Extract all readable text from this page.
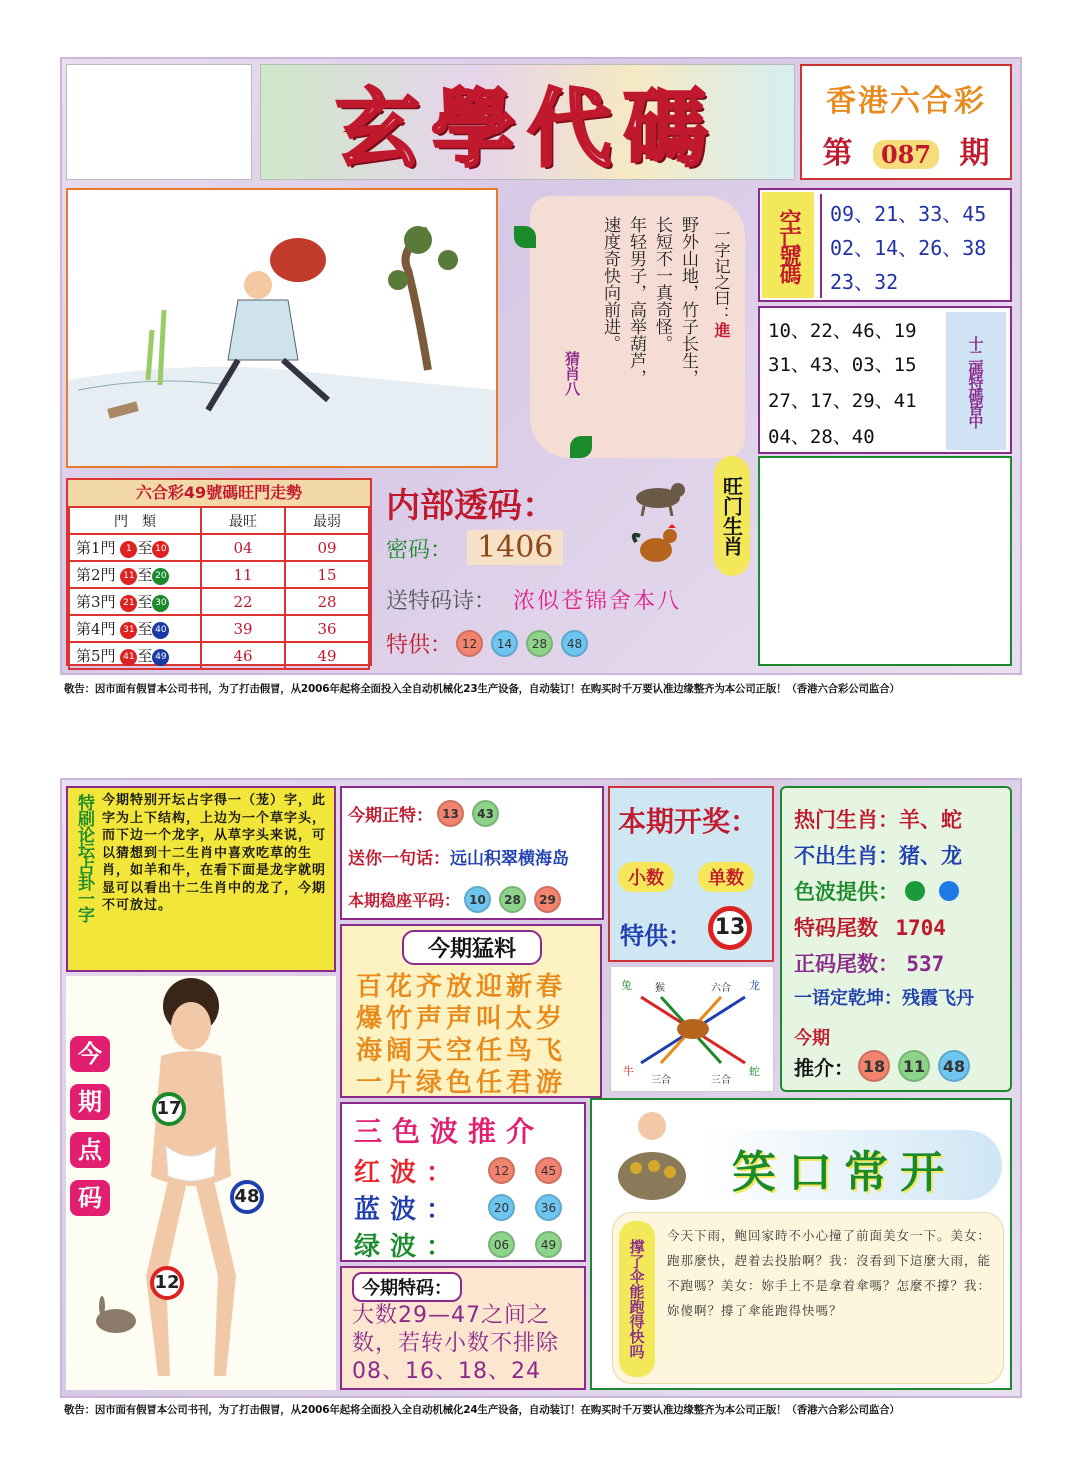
玄學代碼	香港六合彩
第 087 期
一字记之曰：進
野外山地，竹子长生，
长短不一真奇怪。
年轻男子，高举葫芦，
速度奇快向前进。
猜肖八
空亡號碼	09、21、33、45
02、14、26、38
23、32
10、22、46、19
31、43、03、15
27、17、29、41
04、28、40
十二碼特碼皆中
六合彩49號碼旺門走勢
門　類	最旺	最弱
第1門 1 至 10	04	09
第2門 11 至 20	11	15
第3門 21 至 30	22	28
第4門 31 至 40	39	36
第5門 41 至 49	46	49
内部透码：
密码： 1406
送特码诗： 浓似苍锦舍本八
特供： 12	14	28	48
旺门生肖
敬告：因市面有假冒本公司书刊，为了打击假冒，从2006年起将全面投入全自动机械化23生产设备，自动装订！在购买时千万要认准边缘整齐为本公司正版！（香港六合彩公司监合）
特刷论坛占卦一字 今期特别开坛占字得一（茏）字，此字为上下结构，上边为一个草字头，而下边一个龙字，从草字头来说，可以猜想到十二生肖中喜欢吃草的生肖，如羊和牛，在看下面是龙字就明显可以看出十二生肖中的龙了，今期不可放过。
今
期
点
码
17
48
12
今期正特： 13	43
送你一句话：远山积翠横海岛
本期稳座平码： 10	28	29
本期开奖：
小数	单数
特供：	13
热门生肖：羊、蛇
不出生肖：猪、龙
色波提供：
特码尾数 1704
正码尾数： 537
一语定乾坤：残霞飞丹
今期
推介： 18	11	48
今期猛料
百花齐放迎新春
爆竹声声叫太岁
海阔天空任鸟飞
一片绿色任君游
兔 猴	六合 龙
牛
三合	三合
蛇
三色波推介
红波：	12	45
蓝波：	20	36
绿波：	06	49
今期特码：
大数29—47之间之数，若转小数不排除08、16、18、24
笑口常开
撑了伞能跑得快吗
今天下雨，鲍回家時不小心撞了前面美女一下。美女：跑那麼快，趕着去投胎啊？我：沒看到下這麼大雨，能不跑嗎？美女：妳手上不是拿着傘嗎？怎麼不撐？我：妳傻啊？撐了傘能跑得快嗎？
敬告：因市面有假冒本公司书刊，为了打击假冒，从2006年起将全面投入全自动机械化24生产设备，自动装订！在购买时千万要认准边缘整齐为本公司正版！（香港六合彩公司监合）
